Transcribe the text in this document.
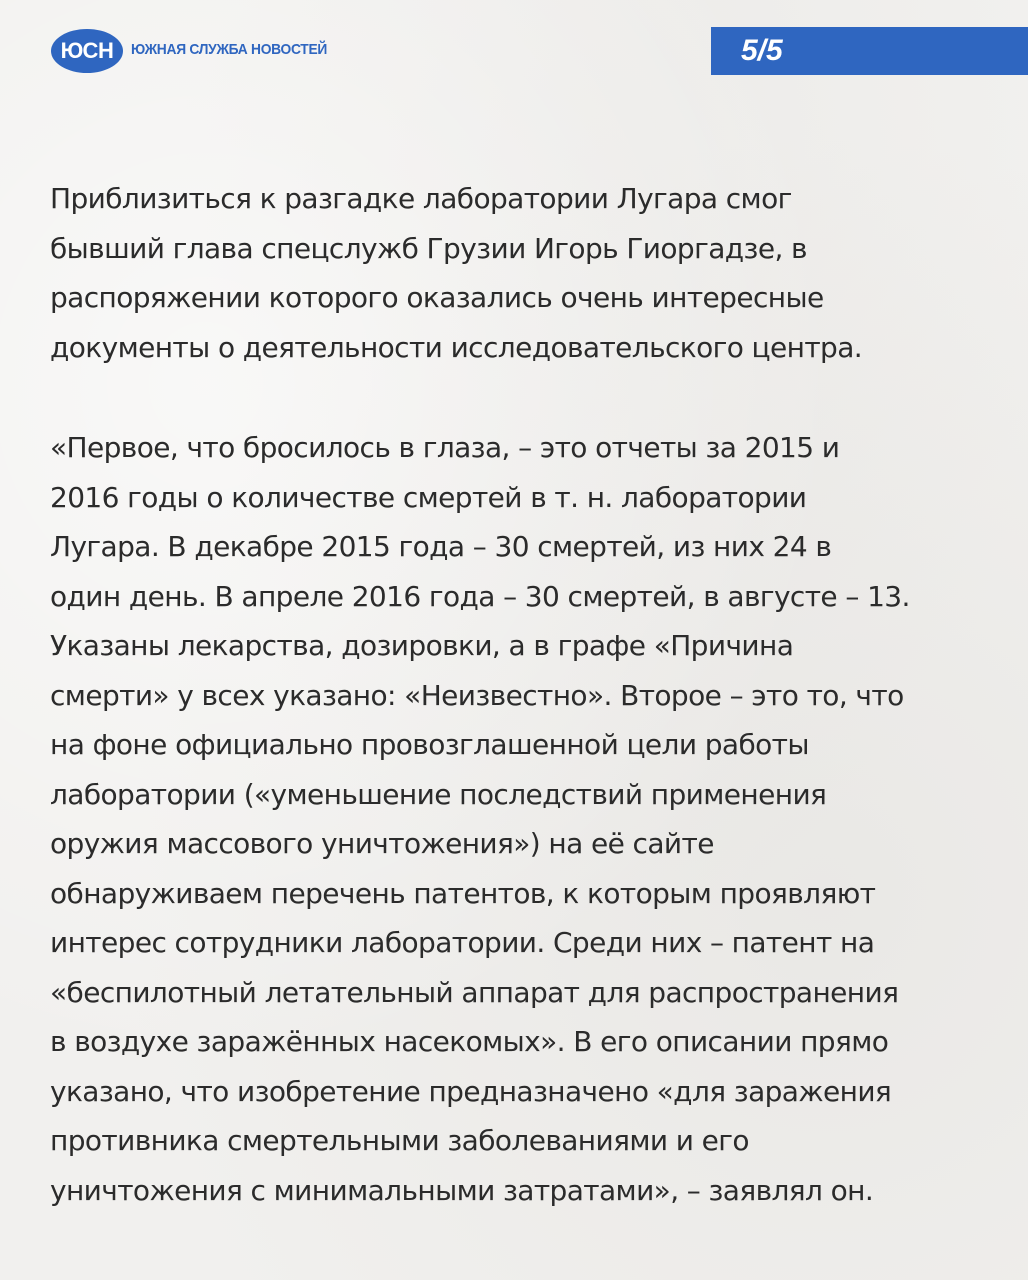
ЮСН	ЮЖНАЯ СЛУЖБА НОВОСТЕЙ	5/5

Приблизиться к разгадке лаборатории Лугара смог

бывший глава спецслужб Грузии Игорь Гиоргадзе, в

распоряжении которого оказались очень интересные

документы о деятельности исследовательского центра.

«Первое, что бросилось в глаза, – это отчеты за 2015 и

2016 годы о количестве смертей в т. н. лаборатории

Лугара. В декабре 2015 года – 30 смертей, из них 24 в

один день. В апреле 2016 года – 30 смертей, в августе – 13.

Указаны лекарства, дозировки, а в графе «Причина

смерти» у всех указано: «Неизвестно». Второе – это то, что

на фоне официально провозглашенной цели работы

лаборатории («уменьшение последствий применения

оружия массового уничтожения») на её сайте

обнаруживаем перечень патентов, к которым проявляют

интерес сотрудники лаборатории. Среди них – патент на

«беспилотный летательный аппарат для распространения

в воздухе заражённых насекомых». В его описании прямо

указано, что изобретение предназначено «для заражения

противника смертельными заболеваниями и его

уничтожения с минимальными затратами», – заявлял он.
